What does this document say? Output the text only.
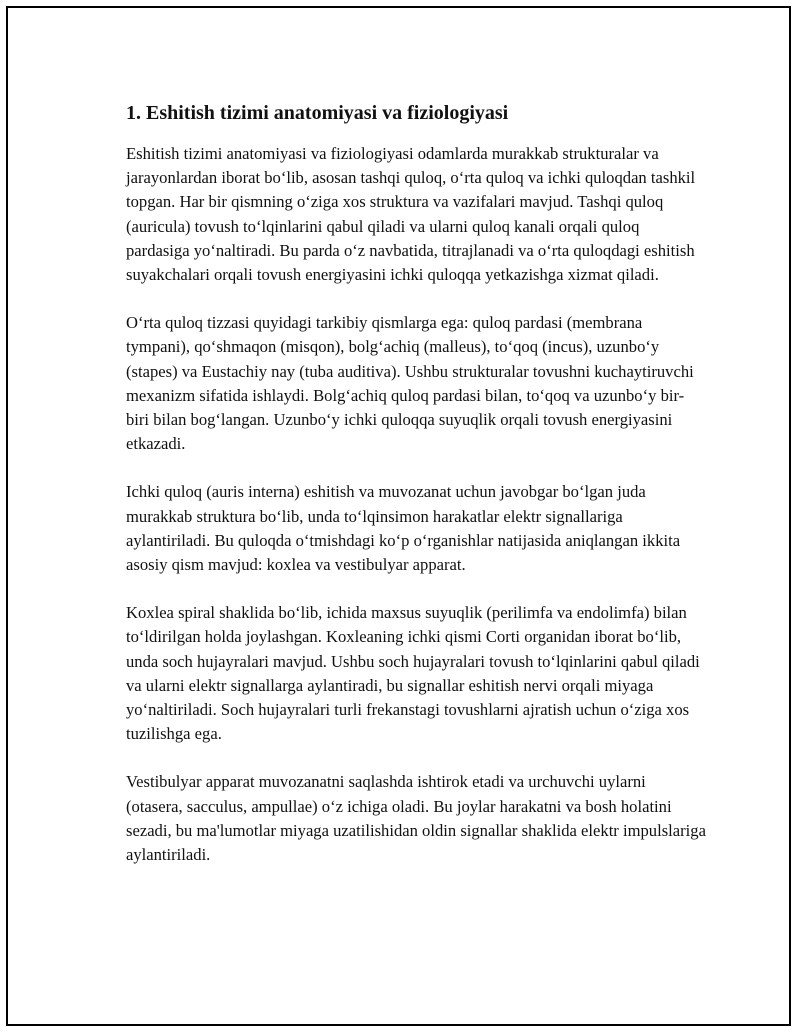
1. Eshitish tizimi anatomiyasi va fiziologiyasi

Eshitish tizimi anatomiyasi va fiziologiyasi odamlarda murakkab strukturalar va jarayonlardan iborat bo‘lib, asosan tashqi quloq, o‘rta quloq va ichki quloqdan tashkil topgan. Har bir qismning o‘ziga xos struktura va vazifalari mavjud. Tashqi quloq (auricula) tovush to‘lqinlarini qabul qiladi va ularni quloq kanali orqali quloq pardasiga yo‘naltiradi. Bu parda o‘z navbatida, titrajlanadi va o‘rta quloqdagi eshitish suyakchalari orqali tovush energiyasini ichki quloqqa yetkazishga xizmat qiladi.

O‘rta quloq tizzasi quyidagi tarkibiy qismlarga ega: quloq pardasi (membrana tympani), qo‘shmaqon (misqon), bolg‘achiq (malleus), to‘qoq (incus), uzunbo‘y (stapes) va Eustachiy nay (tuba auditiva). Ushbu strukturalar tovushni kuchaytiruvchi mexanizm sifatida ishlaydi. Bolg‘achiq quloq pardasi bilan, to‘qoq va uzunbo‘y bir-biri bilan bog‘langan. Uzunbo‘y ichki quloqqa suyuqlik orqali tovush energiyasini etkazadi.

Ichki quloq (auris interna) eshitish va muvozanat uchun javobgar bo‘lgan juda murakkab struktura bo‘lib, unda to‘lqinsimon harakatlar elektr signallariga aylantiriladi. Bu quloqda o‘tmishdagi ko‘p o‘rganishlar natijasida aniqlangan ikkita asosiy qism mavjud: koxlea va vestibulyar apparat.

Koxlea spiral shaklida bo‘lib, ichida maxsus suyuqlik (perilimfa va endolimfa) bilan to‘ldirilgan holda joylashgan. Koxleaning ichki qismi Corti organidan iborat bo‘lib, unda soch hujayralari mavjud. Ushbu soch hujayralari tovush to‘lqinlarini qabul qiladi va ularni elektr signallarga aylantiradi, bu signallar eshitish nervi orqali miyaga yo‘naltiriladi. Soch hujayralari turli frekanstagi tovushlarni ajratish uchun o‘ziga xos tuzilishga ega.

Vestibulyar apparat muvozanatni saqlashda ishtirok etadi va urchuvchi uylarni (otasera, sacculus, ampullae) o‘z ichiga oladi. Bu joylar harakatni va bosh holatini sezadi, bu ma'lumotlar miyaga uzatilishidan oldin signallar shaklida elektr impulslariga aylantiriladi.
